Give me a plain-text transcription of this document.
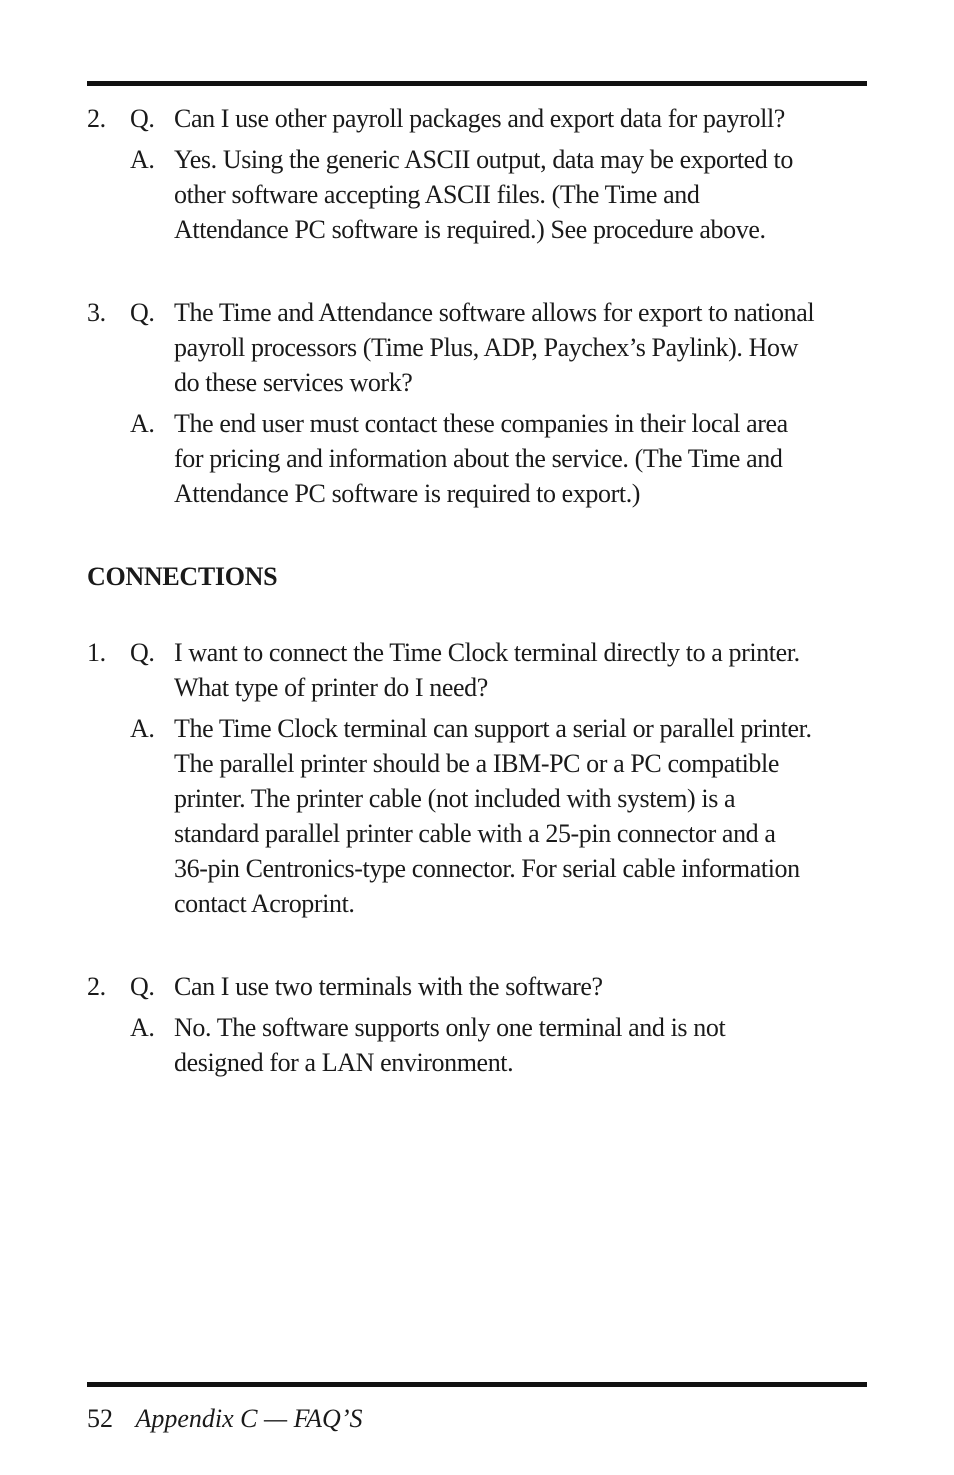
2. Q. Can I use other payroll packages and export data for payroll?
A. Yes. Using the generic ASCII output, data may be exported to
other software accepting ASCII files. (The Time and
Attendance PC software is required.) See procedure above.
3. Q. The Time and Attendance software allows for export to national
payroll processors (Time Plus, ADP, Paychex’s Paylink). How
do these services work?
A. The end user must contact these companies in their local area
for pricing and information about the service. (The Time and
Attendance PC software is required to export.)
CONNECTIONS
1. Q. I want to connect the Time Clock terminal directly to a printer.
What type of printer do I need?
A. The Time Clock terminal can support a serial or parallel printer.
The parallel printer should be a IBM-PC or a PC compatible
printer. The printer cable (not included with system) is a
standard parallel printer cable with a 25-pin connector and a
36-pin Centronics-type connector. For serial cable information
contact Acroprint.
2. Q. Can I use two terminals with the software?
A. No. The software supports only one terminal and is not
designed for a LAN environment.
52 Appendix C — FAQ’S
